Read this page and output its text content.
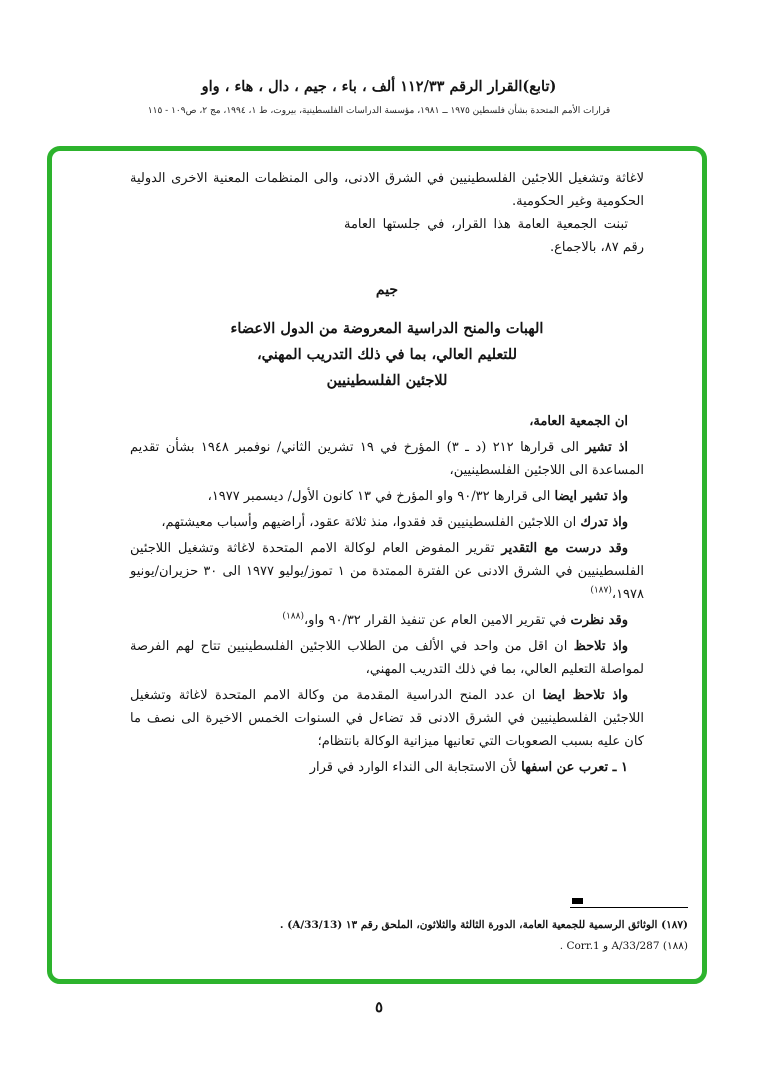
(تابع)القرار الرقم ١١٢/٣٣ ألف ، باء ، جيم ، دال ، هاء ، واو
قرارات الأمم المتحدة بشأن فلسطين ١٩٧٥ ــ ١٩٨١، مؤسسة الدراسات الفلسطينية، بيروت، ط ١، ١٩٩٤، مج ٢، ص١٠٩ - ١١٥

لاغاثة وتشغيل اللاجئين الفلسطينيين في الشرق الادنى، والى المنظمات المعنية الاخرى الدولية الحكومية وغير الحكومية.

تبنت الجمعية العامة هذا القرار، في جلستها العامة رقم ٨٧، بالاجماع.

جيم
الهبات والمنح الدراسية المعروضة من الدول الاعضاء
للتعليم العالي، بما في ذلك التدريب المهني،
للاجئين الفلسطينيين

ان الجمعية العامة،

اذ تشير الى قرارها ٢١٢ (د ـ ٣) المؤرخ في ١٩ تشرين الثاني/ نوفمبر ١٩٤٨ بشأن تقديم المساعدة الى اللاجئين الفلسطينيين،

واذ تشير ايضا الى قرارها ٩٠/٣٢ واو المؤرخ في ١٣ كانون الأول/ ديسمبر ١٩٧٧،

واذ تدرك ان اللاجئين الفلسطينيين قد فقدوا، منذ ثلاثة عقود، أراضيهم وأسباب معيشتهم،

وقد درست مع التقدير تقرير المفوض العام لوكالة الامم المتحدة لاغاثة وتشغيل اللاجئين الفلسطينيين في الشرق الادنى عن الفترة الممتدة من ١ تموز/يوليو ١٩٧٧ الى ٣٠ حزيران/يونيو ١٩٧٨،$^{(١٨٧)}$

وقد نظرت في تقرير الامين العام عن تنفيذ القرار ٩٠/٣٢ واو،$^{(١٨٨)}$

واذ تلاحظ ان اقل من واحد في الألف من الطلاب اللاجئين الفلسطينيين تتاح لهم الفرصة لمواصلة التعليم العالي، بما في ذلك التدريب المهني،

واذ تلاحظ ايضا ان عدد المنح الدراسية المقدمة من وكالة الامم المتحدة لاغاثة وتشغيل اللاجئين الفلسطينيين في الشرق الادنى قد تضاءل في السنوات الخمس الاخيرة الى نصف ما كان عليه بسبب الصعوبات التي تعانيها ميزانية الوكالة بانتظام؛

١ ـ تعرب عن اسفها لأن الاستجابة الى النداء الوارد في قرار

(١٨٧) الوثائق الرسمية للجمعية العامة، الدورة الثالثة والثلاثون، الملحق رقم ١٣ (A/33/13) .
(١٨٨) A/33/287 و Corr.1 .
٥
